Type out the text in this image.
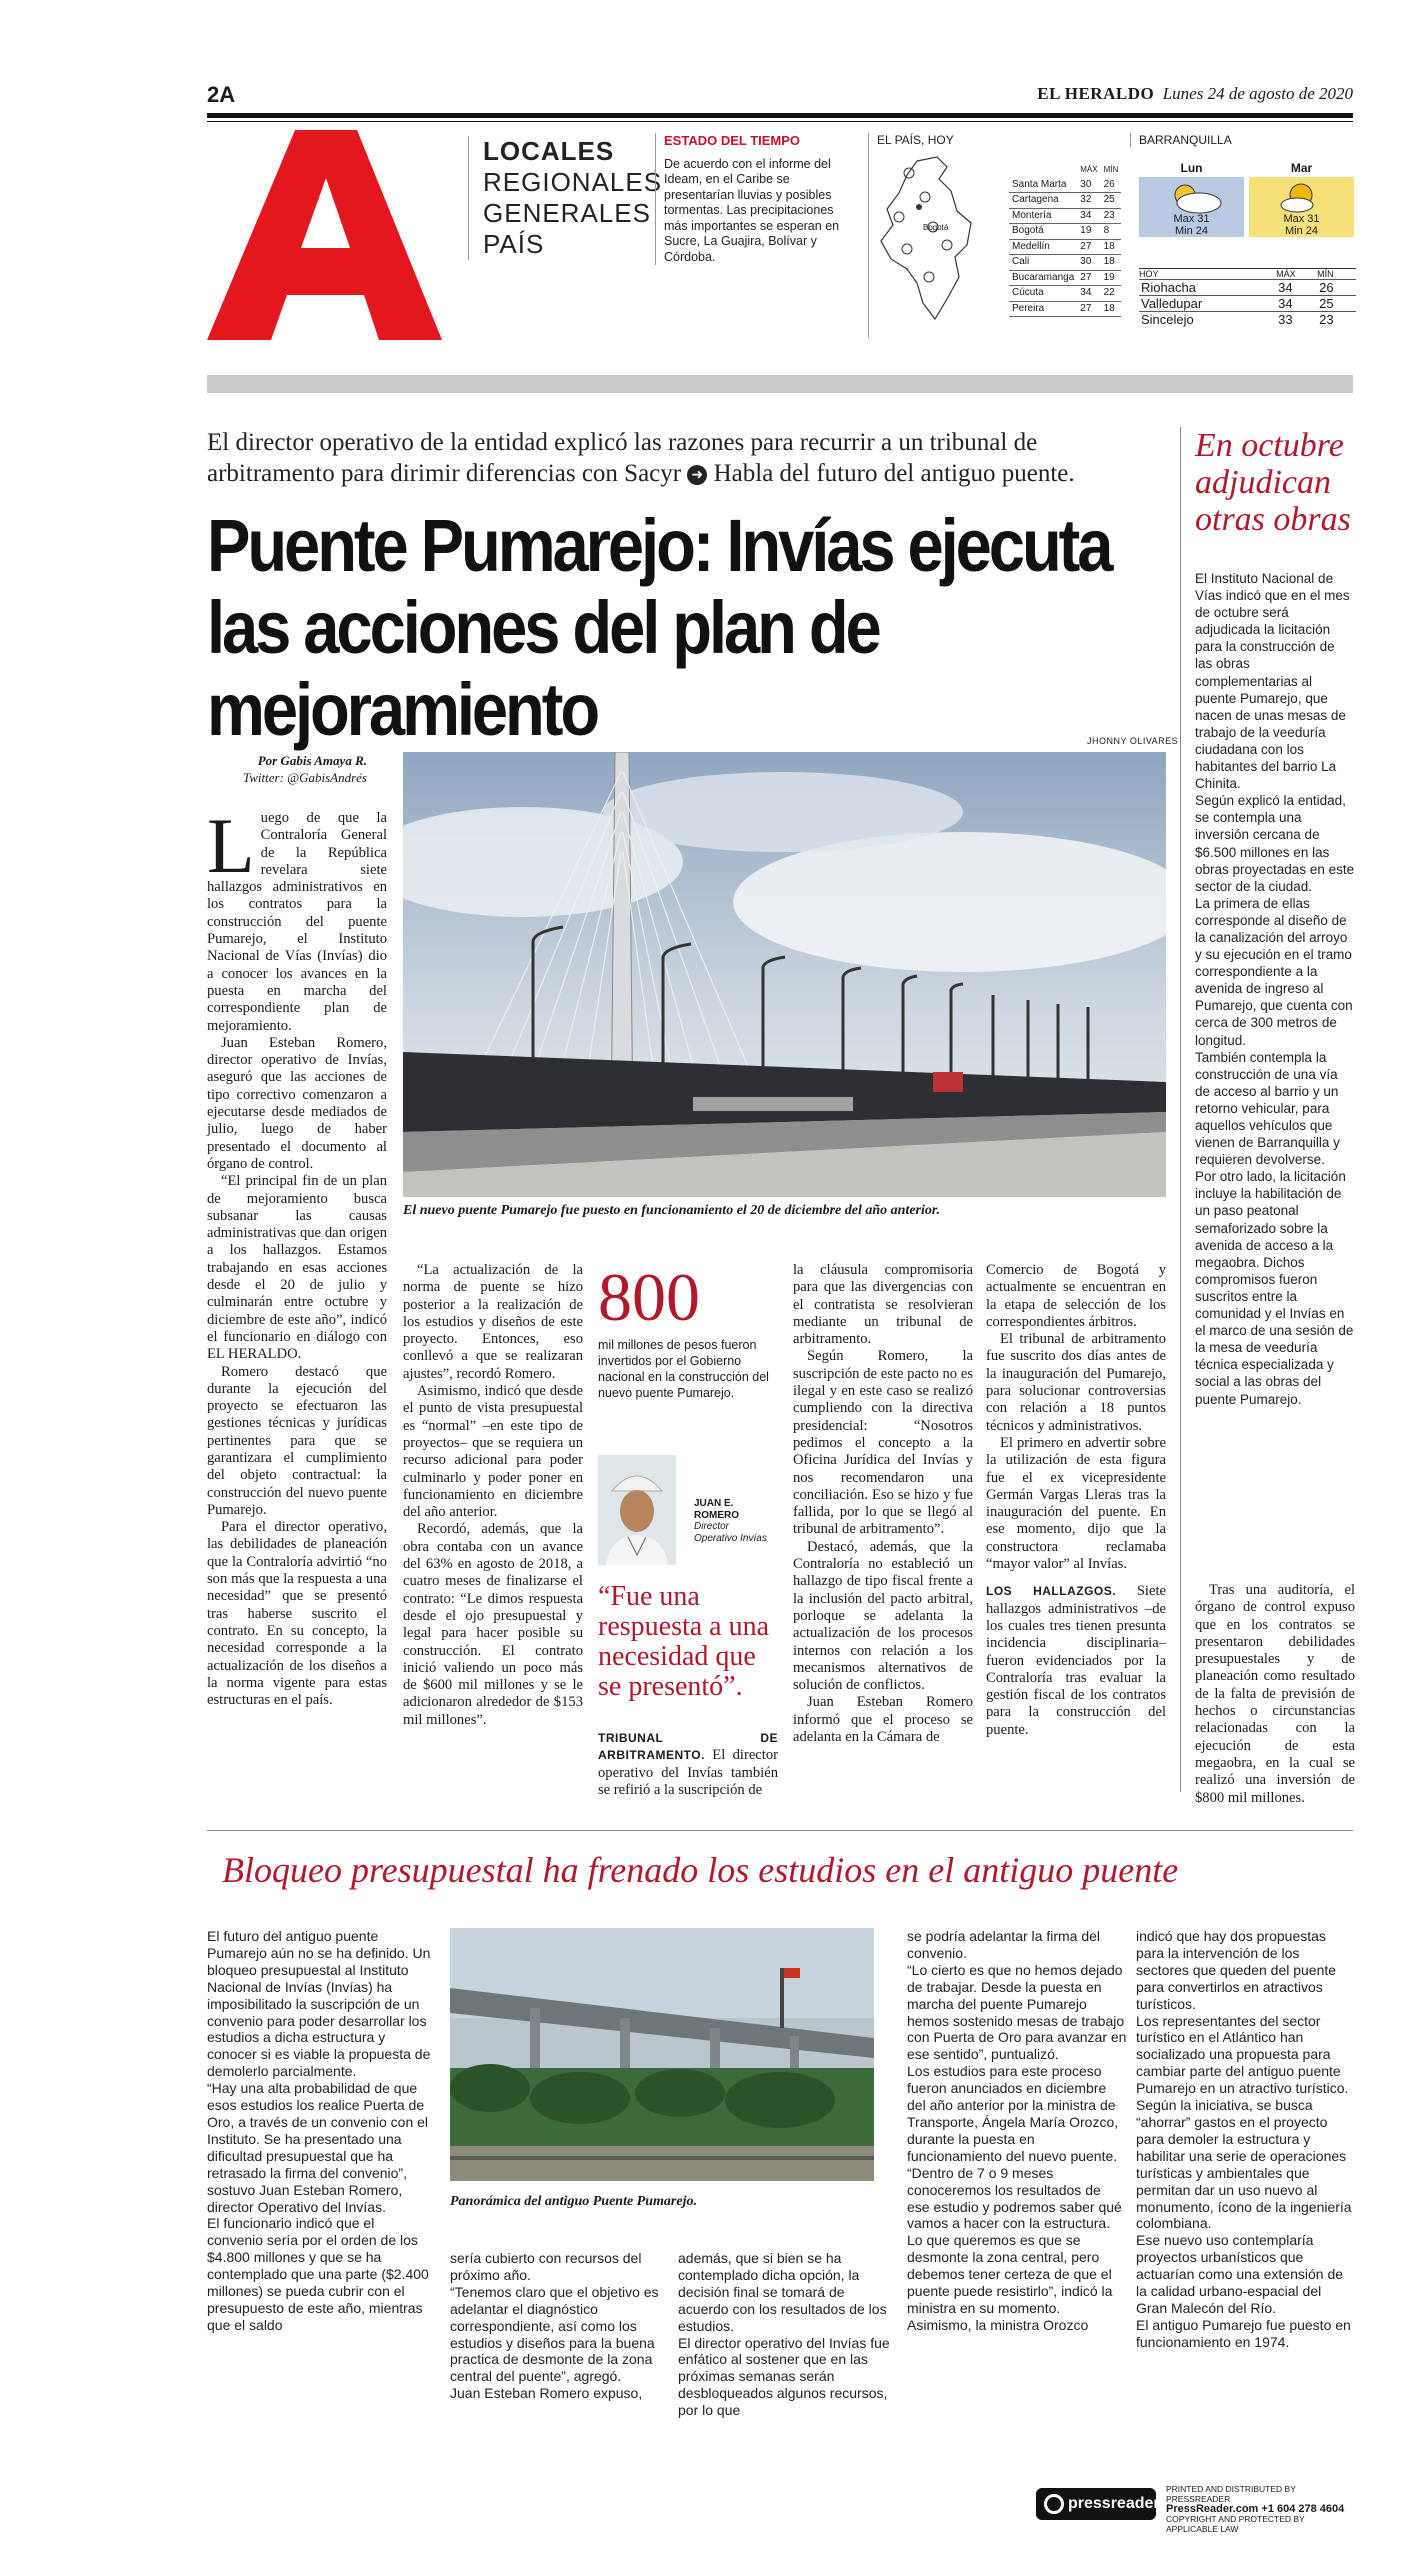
2A	EL HERALDO Lunes 24 de agosto de 2020
LOCALES
REGIONALES
GENERALES
PAÍS
ESTADO DEL TIEMPO
De acuerdo con el informe del Ideam, en el Caribe se presentarían lluvias y posibles tormentas. Las precipitaciones más importantes se esperan en Sucre, La Guajira, Bolívar y Córdoba.
EL PAÍS, HOY
Bogotá
	MÁX	MÍN
Santa Marta	30	26
Cartagena	32	25
Montería	34	23
Bogotá	19	8
Medellín	27	18
Cali	30	18
Bucaramanga	27	19
Cúcuta	34	22
Pereira	27	18
BARRANQUILLA
Lun
Max 31
Min 24
Mar
Max 31
Min 24
HOY	MÁX	MÍN
Riohacha	34	26
Valledupar	34	25
Sincelejo	33	23
El director operativo de la entidad explicó las razones para recurrir a un tribunal de arbitramento para dirimir diferencias con Sacyr ➜ Habla del futuro del antiguo puente.
Puente Pumarejo: Invías ejecuta las acciones del plan de mejoramiento
Por Gabis Amaya R.
Twitter: @GabisAndrés
JHONNY OLIVARES
El nuevo puente Pumarejo fue puesto en funcionamiento el 20 de diciembre del año anterior.

Luego de que la Contraloría General de la República revelara siete hallazgos administrativos en los contratos para la construcción del puente Pumarejo, el Instituto Nacional de Vías (Invías) dio a conocer los avances en la puesta en marcha del correspondiente plan de mejoramiento.

Juan Esteban Romero, director operativo de Invías, aseguró que las acciones de tipo correctivo comenzaron a ejecutarse desde mediados de julio, luego de haber presentado el documento al órgano de control.

“El principal fin de un plan de mejoramiento busca subsanar las causas administrativas que dan origen a los hallazgos. Estamos trabajando en esas acciones desde el 20 de julio y culminarán entre octubre y diciembre de este año”, indicó el funcionario en diálogo con EL HERALDO.

Romero destacó que durante la ejecución del proyecto se efectuaron las gestiones técnicas y jurídicas pertinentes para que se garantizara el cumplimiento del objeto contractual: la construcción del nuevo puente Pumarejo.

Para el director operativo, las debilidades de planeación que la Contraloría advirtió “no son más que la respuesta a una necesidad” que se presentó tras haberse suscrito el contrato. En su concepto, la necesidad corresponde a la actualización de los diseños a la norma vigente para estas estructuras en el país.

“La actualización de la norma de puente se hizo posterior a la realización de los estudios y diseños de este proyecto. Entonces, eso conllevó a que se realizaran ajustes”, recordó Romero.

Asimismo, indicó que desde el punto de vista presupuestal es “normal” –en este tipo de proyectos– que se requiera un recurso adicional para poder culminarlo y poder poner en funcionamiento en diciembre del año anterior.

Recordó, además, que la obra contaba con un avance del 63% en agosto de 2018, a cuatro meses de finalizarse el contrato: “Le dimos respuesta desde el ojo presupuestal y legal para hacer posible su construcción. El contrato inició valiendo un poco más de $600 mil millones y se le adicionaron alrededor de $153 mil millones”.

800
mil millones de pesos fueron invertidos por el Gobierno nacional en la construcción del nuevo puente Pumarejo.
JUAN E. ROMERO
Director Operativo Invías
“Fue una respuesta a una necesidad que se presentó”.

TRIBUNAL DE ARBITRAMENTO. El director operativo del Invías también se refirió a la suscripción de

la cláusula compromisoria para que las divergencias con el contratista se resolvieran mediante un tribunal de arbitramento.

Según Romero, la suscripción de este pacto no es ilegal y en este caso se realizó cumpliendo con la directiva presidencial: “Nosotros pedimos el concepto a la Oficina Jurídica del Invías y nos recomendaron una conciliación. Eso se hizo y fue fallida, por lo que se llegó al tribunal de arbitramento”.

Destacó, además, que la Contraloría no estableció un hallazgo de tipo fiscal frente a la inclusión del pacto arbitral, porloque se adelanta la actualización de los procesos internos con relación a los mecanismos alternativos de solución de conflictos.

Juan Esteban Romero informó que el proceso se adelanta en la Cámara de

Comercio de Bogotá y actualmente se encuentran en la etapa de selección de los correspondientes árbitros.

El tribunal de arbitramento fue suscrito dos días antes de la inauguración del Pumarejo, para solucionar controversias con relación a 18 puntos técnicos y administrativos.

El primero en advertir sobre la utilización de esta figura fue el ex vicepresidente Germán Vargas Lleras tras la inauguración del puente. En ese momento, dijo que la constructora reclamaba “mayor valor” al Invías.

LOS HALLAZGOS. Siete hallazgos administrativos –de los cuales tres tienen presunta incidencia disciplinaria– fueron evidenciados por la Contraloría tras evaluar la gestión fiscal de los contratos para la construcción del puente.

En octubre adjudican otras obras
El Instituto Nacional de Vías indicó que en el mes de octubre será adjudicada la licitación para la construcción de las obras complementarias al puente Pumarejo, que nacen de unas mesas de trabajo de la veeduría ciudadana con los habitantes del barrio La Chinita.
Según explicó la entidad, se contempla una inversión cercana de $6.500 millones en las obras proyectadas en este sector de la ciudad.
La primera de ellas corresponde al diseño de la canalización del arroyo y su ejecución en el tramo correspondiente a la avenida de ingreso al Pumarejo, que cuenta con cerca de 300 metros de longitud.
También contempla la construcción de una vía de acceso al barrio y un retorno vehicular, para aquellos vehículos que vienen de Barranquilla y requieren devolverse.
Por otro lado, la licitación incluye la habilitación de un paso peatonal semaforizado sobre la avenida de acceso a la megaobra. Dichos compromisos fueron suscritos entre la comunidad y el Invías en el marco de una sesión de la mesa de veeduría técnica especializada y social a las obras del puente Pumarejo.

Tras una auditoría, el órgano de control expuso que en los contratos se presentaron debilidades presupuestales y de planeación como resultado de la falta de previsión de hechos o circunstancias relacionadas con la ejecución de esta megaobra, en la cual se realizó una inversión de $800 mil millones.

Bloqueo presupuestal ha frenado los estudios en el antiguo puente
El futuro del antiguo puente Pumarejo aún no se ha definido. Un bloqueo presupuestal al Instituto Nacional de Invías (Invías) ha imposibilitado la suscripción de un convenio para poder desarrollar los estudios a dicha estructura y conocer si es viable la propuesta de demolerlo parcialmente.
“Hay una alta probabilidad de que esos estudios los realice Puerta de Oro, a través de un convenio con el Instituto. Se ha presentado una dificultad presupuestal que ha retrasado la firma del convenio”, sostuvo Juan Esteban Romero, director Operativo del Invías.
El funcionario indicó que el convenio sería por el orden de los $4.800 millones y que se ha contemplado que una parte ($2.400 millones) se pueda cubrir con el presupuesto de este año, mientras que el saldo
Panorámica del antiguo Puente Pumarejo.
sería cubierto con recursos del próximo año.
“Tenemos claro que el objetivo es adelantar el diagnóstico correspondiente, así como los estudios y diseños para la buena practica de desmonte de la zona central del puente”, agregó.
Juan Esteban Romero expuso,
además, que si bien se ha contemplado dicha opción, la decisión final se tomará de acuerdo con los resultados de los estudios.
El director operativo del Invías fue enfático al sostener que en las próximas semanas serán desbloqueados algunos recursos, por lo que
se podría adelantar la firma del convenio.
“Lo cierto es que no hemos dejado de trabajar. Desde la puesta en marcha del puente Pumarejo hemos sostenido mesas de trabajo con Puerta de Oro para avanzar en ese sentido”, puntualizó.
Los estudios para este proceso fueron anunciados en diciembre del año anterior por la ministra de Transporte, Ángela María Orozco, durante la puesta en funcionamiento del nuevo puente.
“Dentro de 7 o 9 meses conoceremos los resultados de ese estudio y podremos saber qué vamos a hacer con la estructura. Lo que queremos es que se desmonte la zona central, pero debemos tener certeza de que el puente puede resistirlo”, indicó la ministra en su momento.
Asimismo, la ministra Orozco
indicó que hay dos propuestas para la intervención de los sectores que queden del puente para convertirlos en atractivos turísticos.
Los representantes del sector turístico en el Atlántico han socializado una propuesta para cambiar parte del antiguo puente Pumarejo en un atractivo turístico.
Según la iniciativa, se busca “ahorrar” gastos en el proyecto para demoler la estructura y habilitar una serie de operaciones turísticas y ambientales que permitan dar un uso nuevo al monumento, ícono de la ingeniería colombiana.
Ese nuevo uso contemplaría proyectos urbanísticos que actuarían como una extensión de la calidad urbano-espacial del Gran Malecón del Río.
El antiguo Pumarejo fue puesto en funcionamiento en 1974.
pressreader
PRINTED AND DISTRIBUTED BY PRESSREADER
PressReader.com +1 604 278 4604
COPYRIGHT AND PROTECTED BY APPLICABLE LAW
